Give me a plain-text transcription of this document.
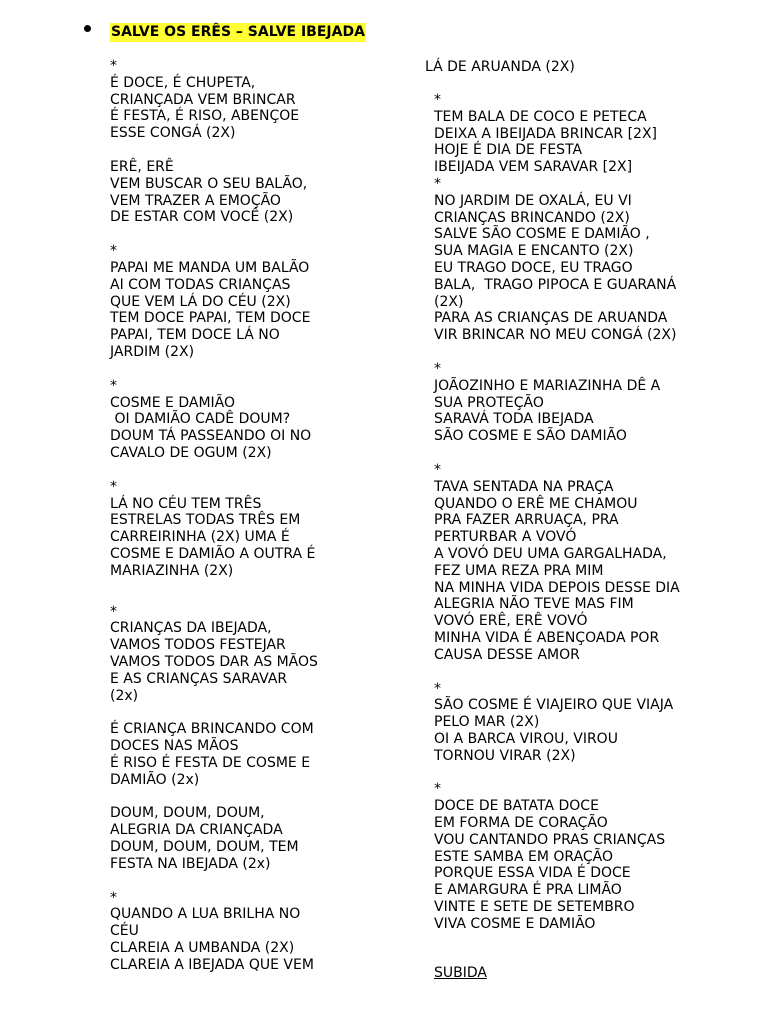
SALVE OS ERÊS – SALVE IBEJADA
LÁ DE ARUANDA (2X)
*
É DOCE, É CHUPETA,
CRIANÇADA VEM BRINCAR
É FESTA, É RISO, ABENÇOE
ESSE CONGÁ (2X)
ERÊ, ERÊ
VEM BUSCAR O SEU BALÃO,
VEM TRAZER A EMOÇÃO
DE ESTAR COM VOCÊ (2X)
*
PAPAI ME MANDA UM BALÃO
AI COM TODAS CRIANÇAS
QUE VEM LÁ DO CÉU (2X)
TEM DOCE PAPAI, TEM DOCE
PAPAI, TEM DOCE LÁ NO
JARDIM (2X)
*
COSME E DAMIÃO
OI DAMIÃO CADÊ DOUM?
DOUM TÁ PASSEANDO OI NO
CAVALO DE OGUM (2X)
*
LÁ NO CÉU TEM TRÊS
ESTRELAS TODAS TRÊS EM
CARREIRINHA (2X) UMA É
COSME E DAMIÃO A OUTRA É
MARIAZINHA (2X)
*
CRIANÇAS DA IBEJADA,
VAMOS TODOS FESTEJAR
VAMOS TODOS DAR AS MÃOS
E AS CRIANÇAS SARAVAR
(2x)
É CRIANÇA BRINCANDO COM
DOCES NAS MÃOS
É RISO É FESTA DE COSME E
DAMIÃO (2x)
DOUM, DOUM, DOUM,
ALEGRIA DA CRIANÇADA
DOUM, DOUM, DOUM, TEM
FESTA NA IBEJADA (2x)
*
QUANDO A LUA BRILHA NO
CÉU
CLAREIA A UMBANDA (2X)
CLAREIA A IBEJADA QUE VEM
*
TEM BALA DE COCO E PETECA
DEIXA A IBEIJADA BRINCAR [2X]
HOJE É DIA DE FESTA
IBEIJADA VEM SARAVAR [2X]
*
NO JARDIM DE OXALÁ, EU VI
CRIANÇAS BRINCANDO (2X)
SALVE SÃO COSME E DAMIÃO ,
SUA MAGIA E ENCANTO (2X)
EU TRAGO DOCE, EU TRAGO
BALA,  TRAGO PIPOCA E GUARANÁ
(2X)
PARA AS CRIANÇAS DE ARUANDA
VIR BRINCAR NO MEU CONGÁ (2X)
*
JOÃOZINHO E MARIAZINHA DÊ A
SUA PROTEÇÃO
SARAVÁ TODA IBEJADA
SÃO COSME E SÃO DAMIÃO
*
TAVA SENTADA NA PRAÇA
QUANDO O ERÊ ME CHAMOU
PRA FAZER ARRUAÇA, PRA
PERTURBAR A VOVÓ
A VOVÓ DEU UMA GARGALHADA,
FEZ UMA REZA PRA MIM
NA MINHA VIDA DEPOIS DESSE DIA
ALEGRIA NÃO TEVE MAS FIM
VOVÓ ERÊ, ERÊ VOVÓ
MINHA VIDA É ABENÇOADA POR
CAUSA DESSE AMOR
*
SÃO COSME É VIAJEIRO QUE VIAJA
PELO MAR (2X)
OI A BARCA VIROU, VIROU
TORNOU VIRAR (2X)
*
DOCE DE BATATA DOCE
EM FORMA DE CORAÇÃO
VOU CANTANDO PRAS CRIANÇAS
ESTE SAMBA EM ORAÇÃO
PORQUE ESSA VIDA É DOCE
E AMARGURA É PRA LIMÃO
VINTE E SETE DE SETEMBRO
VIVA COSME E DAMIÃO
SUBIDA
